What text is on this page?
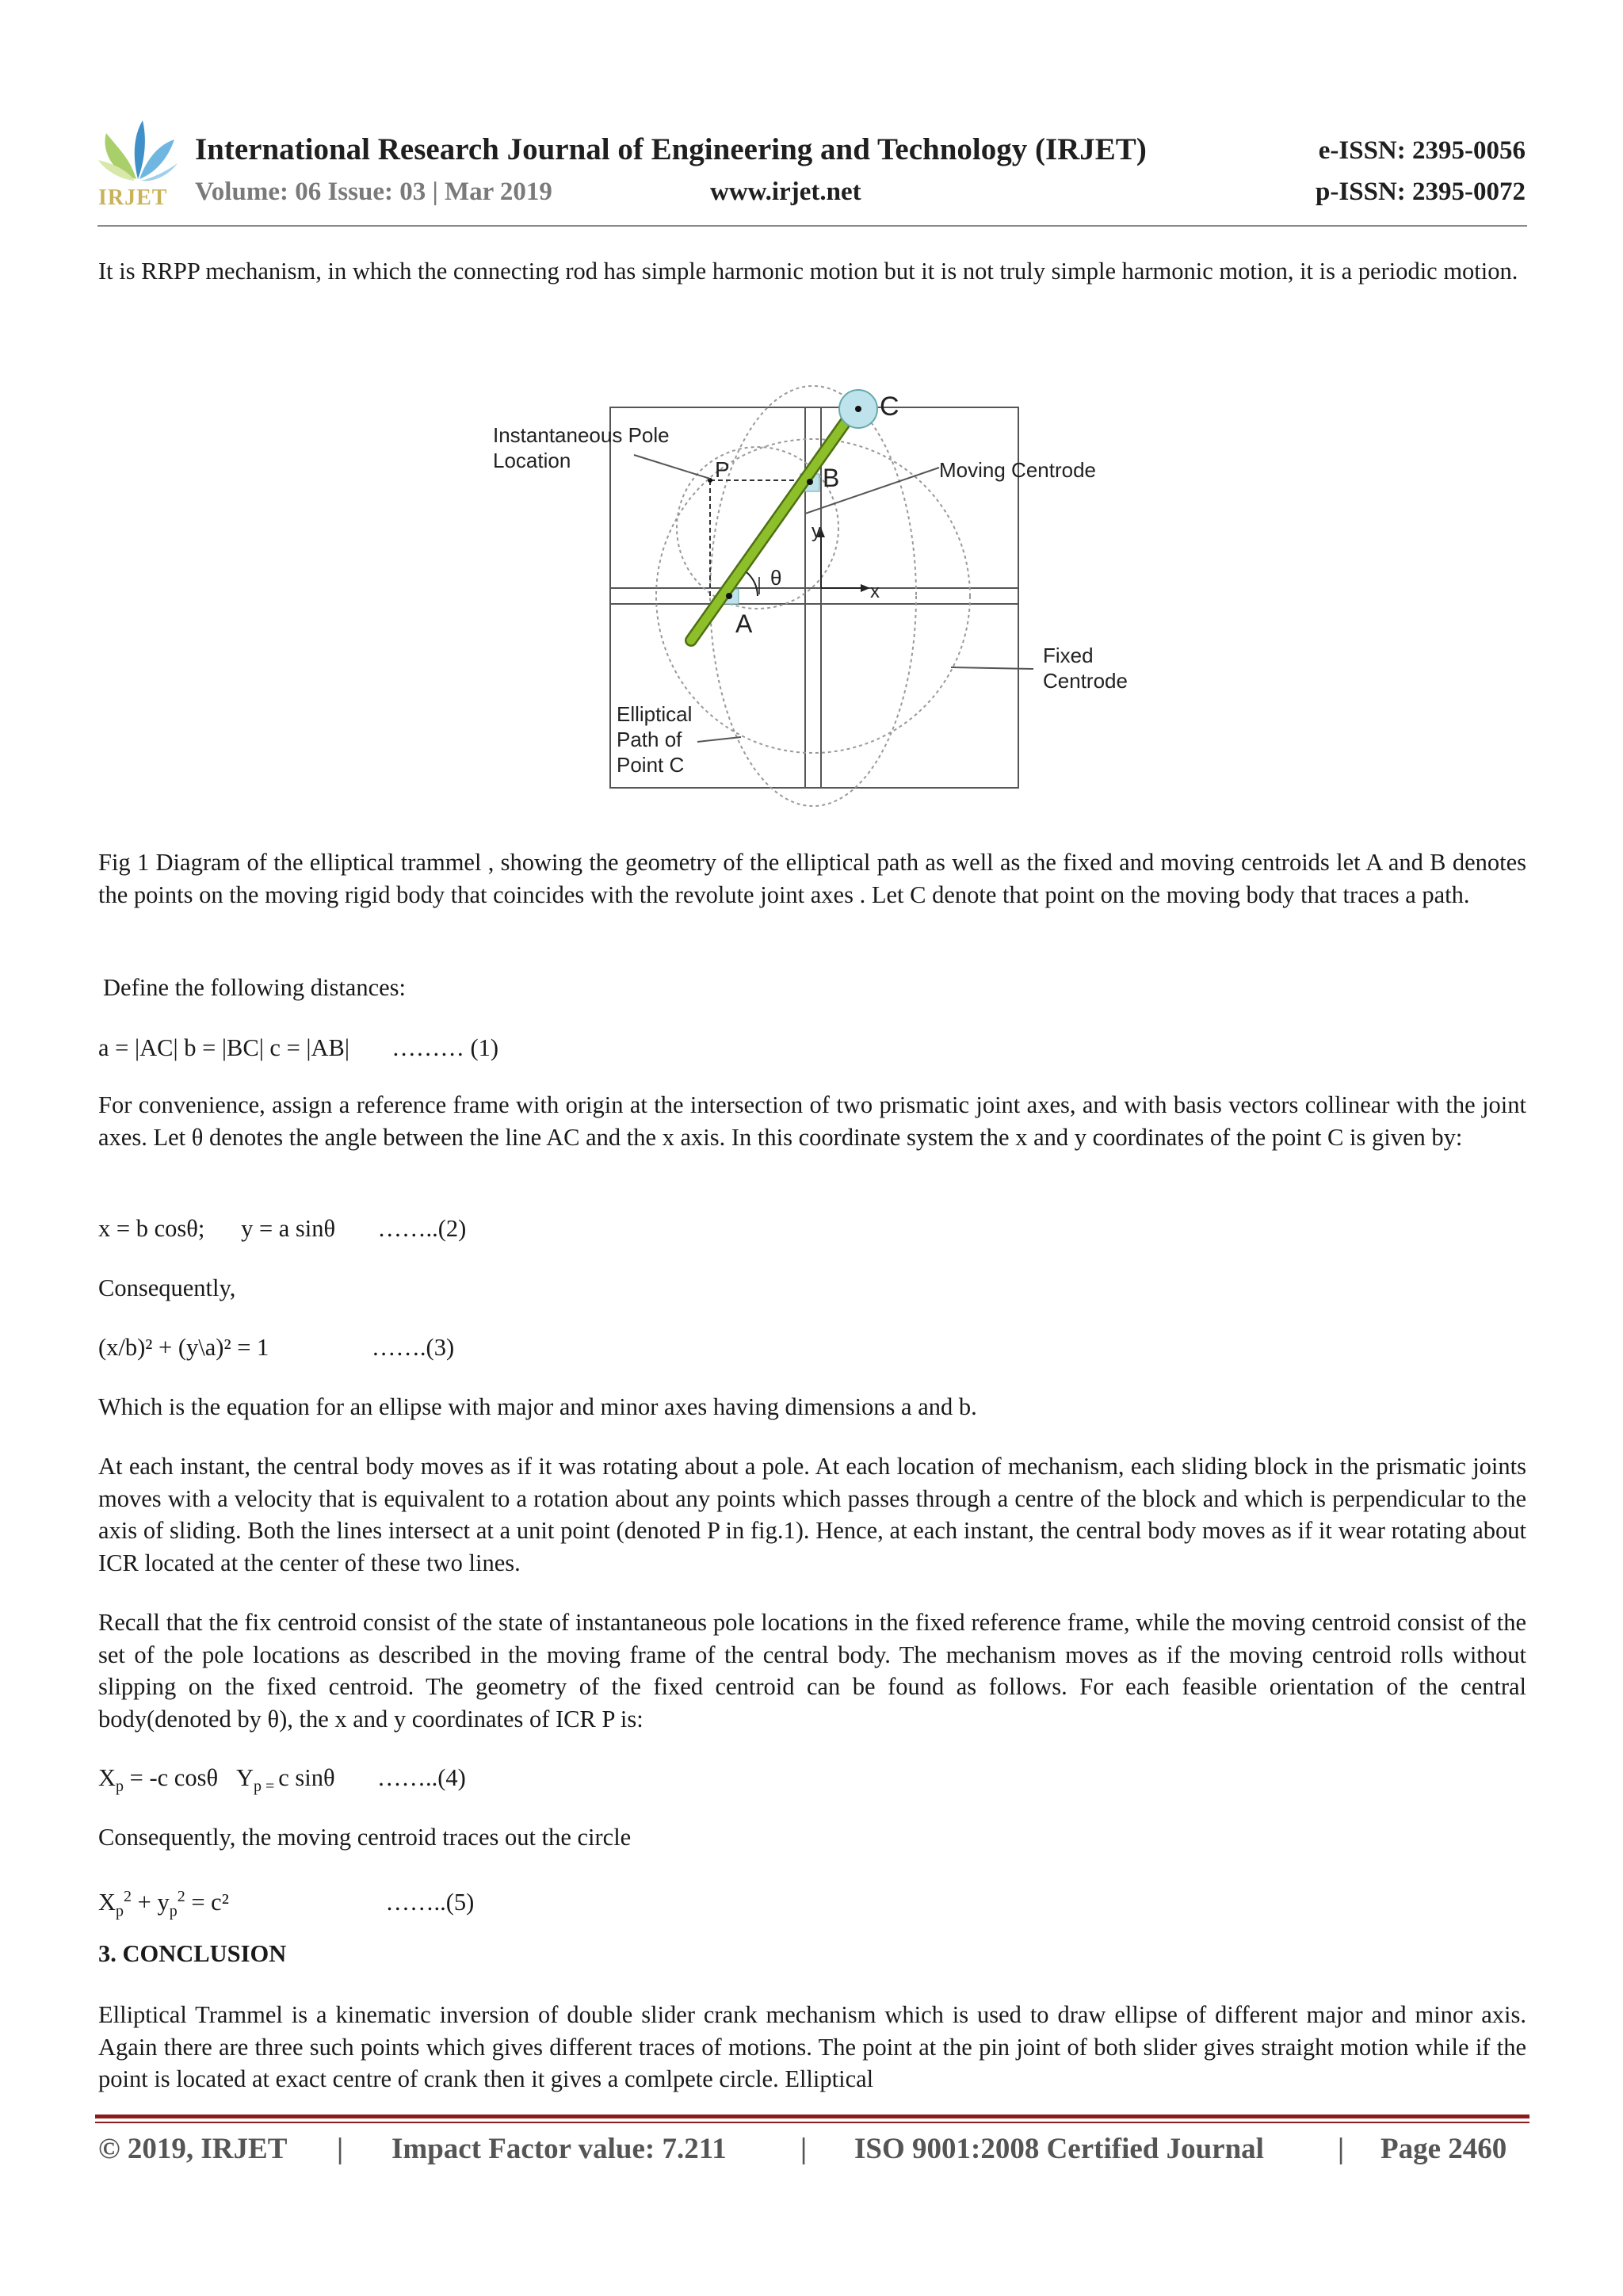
IRJET
International Research Journal of Engineering and Technology (IRJET)	e-ISSN: 2395-0056
Volume: 06 Issue: 03 | Mar 2019	www.irjet.net	p-ISSN: 2395-0072
It is RRPP mechanism, in which the connecting rod has simple harmonic motion but it is not truly simple harmonic motion, it is a periodic motion.
Instantaneous Pole
Location	Moving Centrode
Fixed
Centrode
Elliptical
Path of
Point C
C
B
A
P
θ
x
y
Fig 1 Diagram of the elliptical trammel , showing the geometry of the elliptical path as well as the fixed and moving centroids let A and B denotes the points on the moving rigid body that coincides with the revolute joint axes . Let C denote that point on the moving body that traces a path.
Define the following distances:
a = |AC| b = |BC| c = |AB|       ……… (1)
For convenience, assign a reference frame with origin at the intersection of two prismatic joint axes, and with basis vectors collinear with the joint axes. Let θ denotes the angle between the line AC and the x axis. In this coordinate system the x and y coordinates of the point C is given by:
x = b cosθ;      y = a sinθ       ……..(2)
Consequently,
(x/b)² + (y\a)² = 1                 …….(3)
Which is the equation for an ellipse with major and minor axes having dimensions a and b.
At each instant, the central body moves as if it was rotating about a pole. At each location of mechanism, each sliding block in the prismatic joints moves with a velocity that is equivalent to a rotation about any points which passes through a centre of the block and which is perpendicular to the axis of sliding. Both the lines intersect at a unit point (denoted P in fig.1). Hence, at each instant, the central body moves as if it wear rotating about ICR located at the center of these two lines.
Recall that the fix centroid consist of the state of instantaneous pole locations in the fixed reference frame, while the moving centroid consist of the set of the pole locations as described in the moving frame of the central body. The mechanism moves as if the moving centroid rolls without slipping on the fixed centroid. The geometry of the fixed centroid can be found as follows. For each feasible orientation of the central body(denoted by θ), the x and y coordinates of ICR P is:
$X_p = -c$ cosθ   $Y_{p =}$ c sinθ       ……..(4)
Consequently, the moving centroid traces out the circle
$X_p^2 + y_p^2 = c^2$	……..(5)
3. CONCLUSION
Elliptical Trammel is a kinematic inversion of double slider crank mechanism which is used to draw ellipse of different major and minor axis. Again there are three such points which gives different traces of motions. The point at the pin joint of both slider gives straight motion while if the point is located at exact centre of crank then it gives a comlpete circle. Elliptical
© 2019, IRJET | Impact Factor value: 7.211	| ISO 9001:2008 Certified Journal	| Page 2460
